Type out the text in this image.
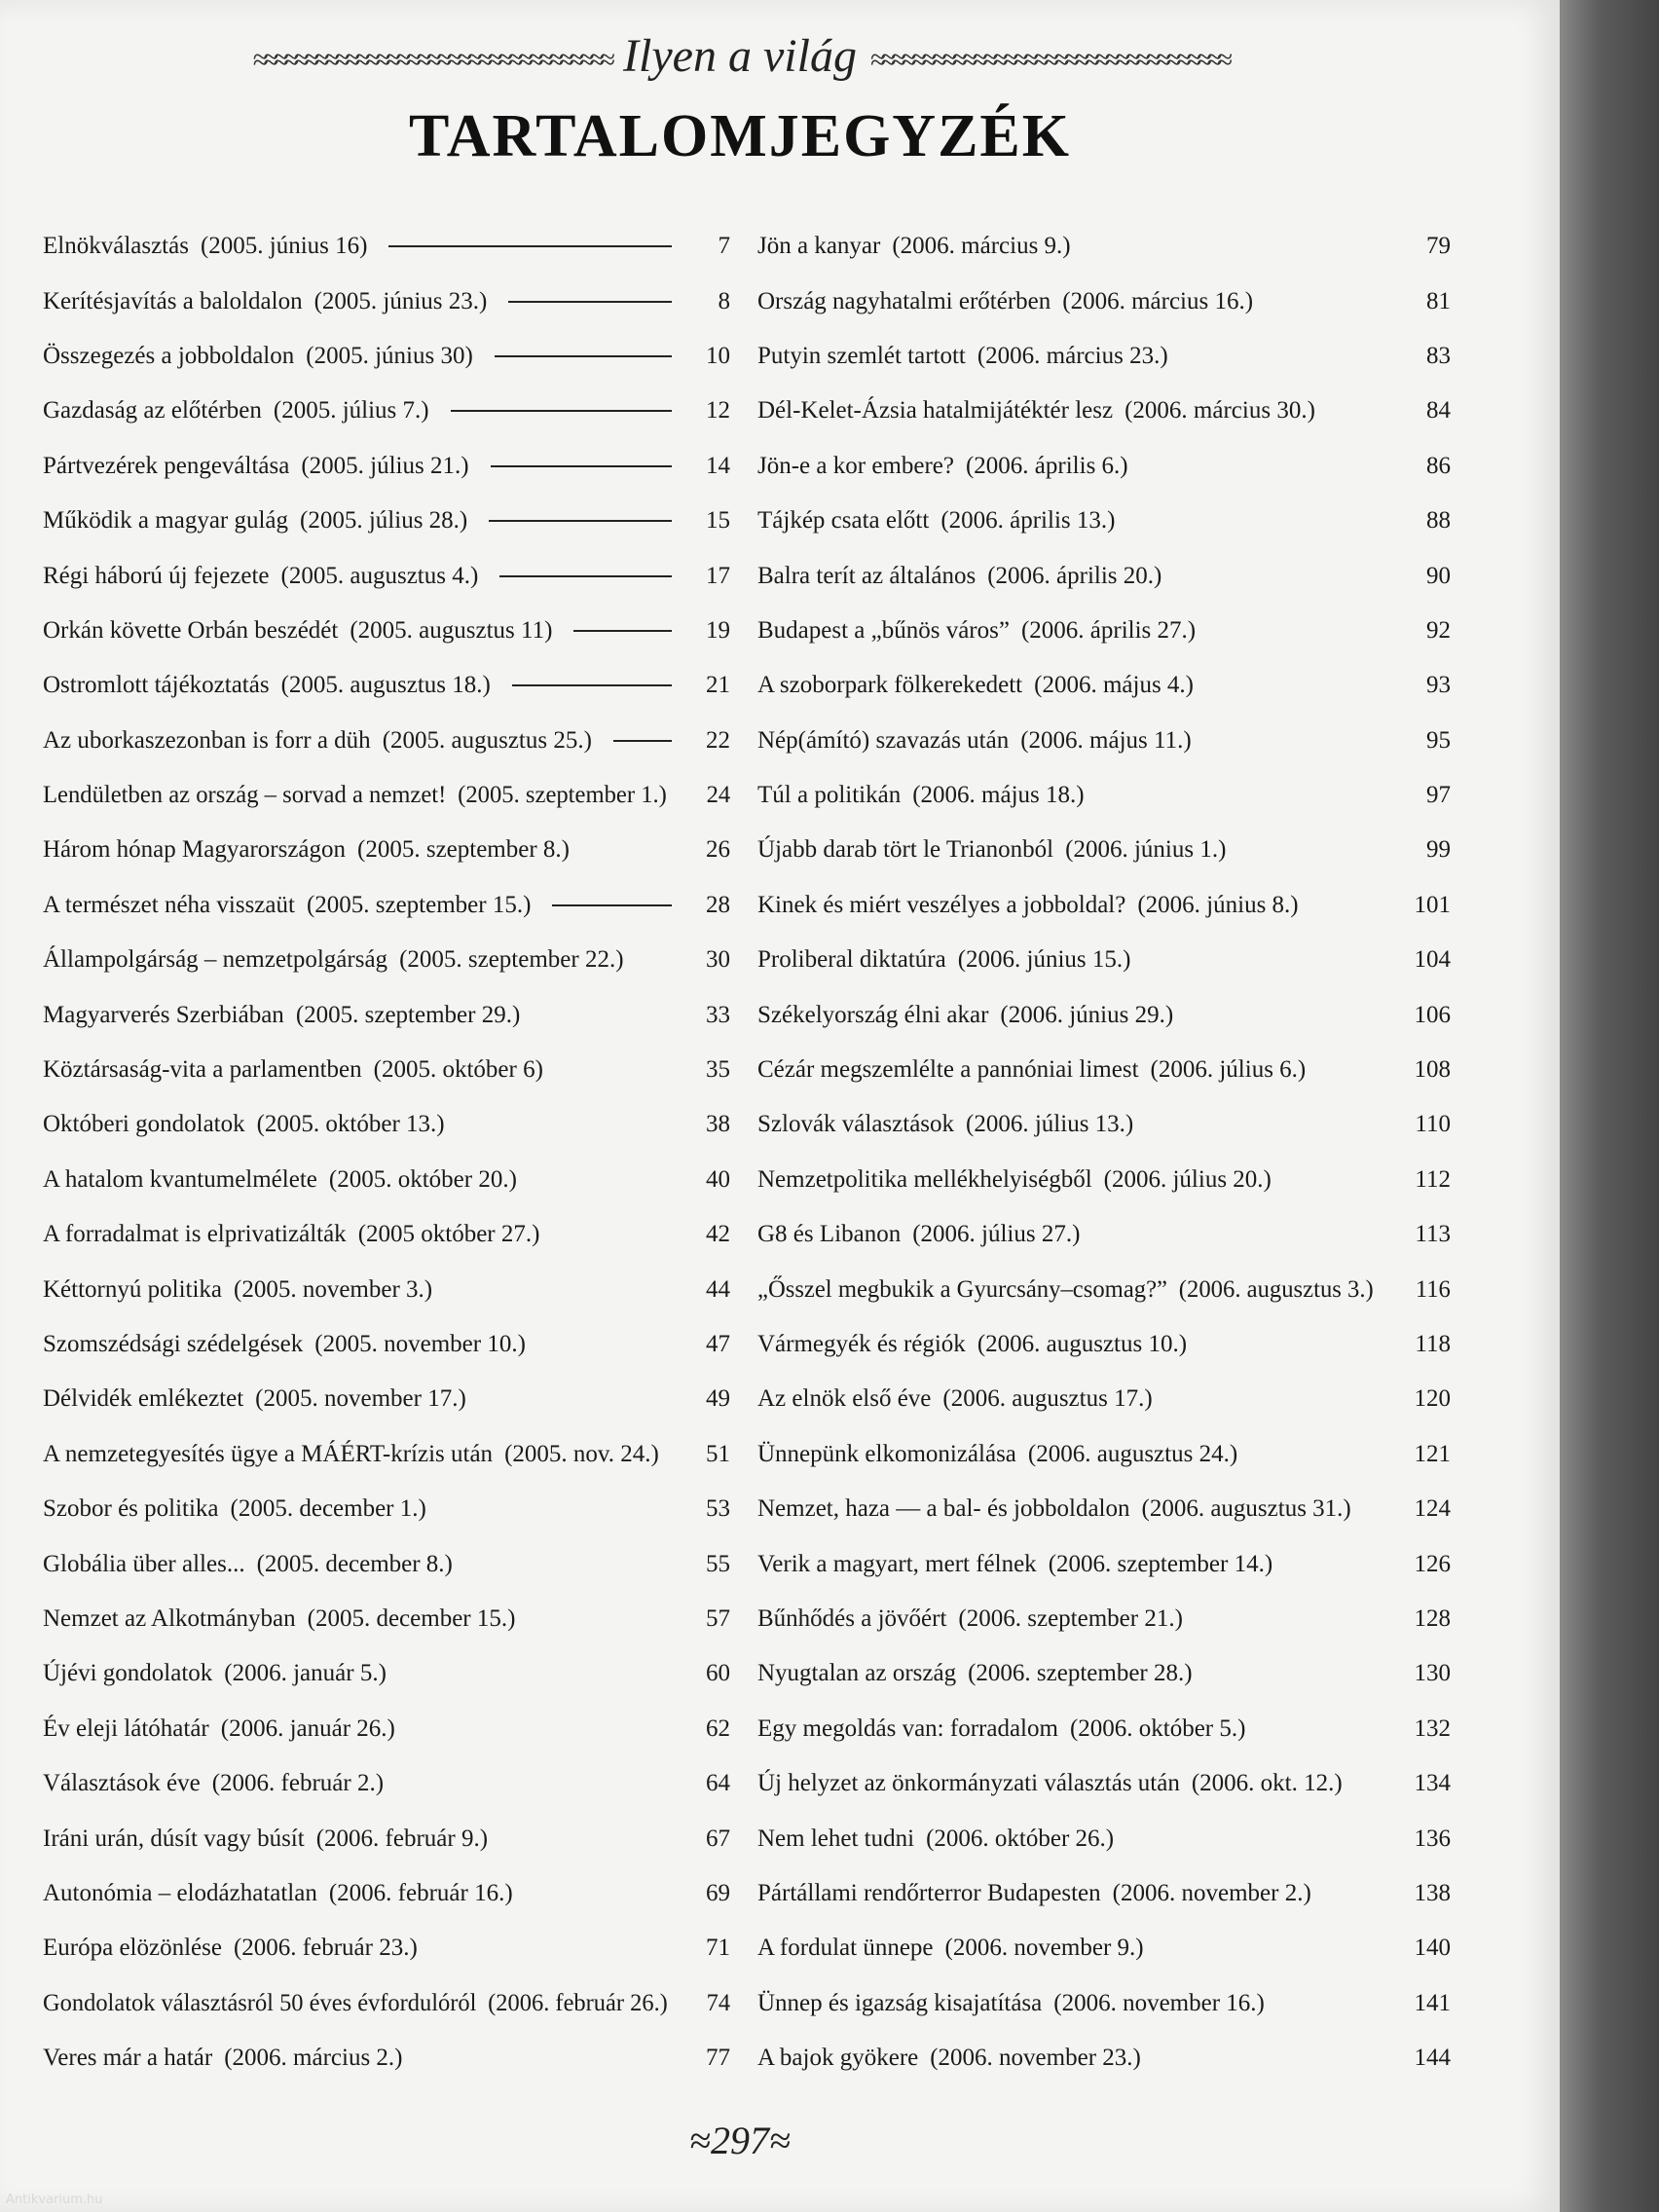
≈≈≈≈≈≈≈≈≈≈≈≈≈≈≈≈≈≈≈≈≈≈≈≈≈≈≈≈≈≈≈≈≈≈≈ Ilyen a világ ≈≈≈≈≈≈≈≈≈≈≈≈≈≈≈≈≈≈≈≈≈≈≈≈≈≈≈≈≈≈≈≈≈≈≈
TARTALOMJEGYZÉK
Elnökválasztás (2005. június 16)	7
Kerítésjavítás a baloldalon (2005. június 23.)	8
Összegezés a jobboldalon (2005. június 30)	10
Gazdaság az előtérben (2005. július 7.)	12
Pártvezérek pengeváltása (2005. július 21.)	14
Működik a magyar gulág (2005. július 28.)	15
Régi háború új fejezete (2005. augusztus 4.)	17
Orkán követte Orbán beszédét (2005. augusztus 11)	19
Ostromlott tájékoztatás (2005. augusztus 18.)	21
Az uborkaszezonban is forr a düh (2005. augusztus 25.)	22
Lendületben az ország – sorvad a nemzet! (2005. szeptember 1.)	24
Három hónap Magyarországon (2005. szeptember 8.)	26
A természet néha visszaüt (2005. szeptember 15.)	28
Állampolgárság – nemzetpolgárság (2005. szeptember 22.)	30
Magyarverés Szerbiában (2005. szeptember 29.)	33
Köztársaság-vita a parlamentben (2005. október 6)	35
Októberi gondolatok (2005. október 13.)	38
A hatalom kvantumelmélete (2005. október 20.)	40
A forradalmat is elprivatizálták (2005 október 27.)	42
Kéttornyú politika (2005. november 3.)	44
Szomszédsági szédelgések (2005. november 10.)	47
Délvidék emlékeztet (2005. november 17.)	49
A nemzetegyesítés ügye a MÁÉRT-krízis után (2005. nov. 24.)	51
Szobor és politika (2005. december 1.)	53
Globália über alles... (2005. december 8.)	55
Nemzet az Alkotmányban (2005. december 15.)	57
Újévi gondolatok (2006. január 5.)	60
Év eleji látóhatár (2006. január 26.)	62
Választások éve (2006. február 2.)	64
Iráni urán, dúsít vagy búsít (2006. február 9.)	67
Autonómia – elodázhatatlan (2006. február 16.)	69
Európa elözönlése (2006. február 23.)	71
Gondolatok választásról 50 éves évfordulóról (2006. február 26.)	74
Veres már a határ (2006. március 2.)	77
Jön a kanyar (2006. március 9.)	79
Ország nagyhatalmi erőtérben (2006. március 16.)	81
Putyin szemlét tartott (2006. március 23.)	83
Dél-Kelet-Ázsia hatalmijátéktér lesz (2006. március 30.)	84
Jön-e a kor embere? (2006. április 6.)	86
Tájkép csata előtt (2006. április 13.)	88
Balra terít az általános (2006. április 20.)	90
Budapest a „bűnös város” (2006. április 27.)	92
A szoborpark fölkerekedett (2006. május 4.)	93
Nép(ámító) szavazás után (2006. május 11.)	95
Túl a politikán (2006. május 18.)	97
Újabb darab tört le Trianonból (2006. június 1.)	99
Kinek és miért veszélyes a jobboldal? (2006. június 8.)	101
Proliberal diktatúra (2006. június 15.)	104
Székelyország élni akar (2006. június 29.)	106
Cézár megszemlélte a pannóniai limest (2006. július 6.)	108
Szlovák választások (2006. július 13.)	110
Nemzetpolitika mellékhelyiségből (2006. július 20.)	112
G8 és Libanon (2006. július 27.)	113
„Ősszel megbukik a Gyurcsány–csomag?” (2006. augusztus 3.)	116
Vármegyék és régiók (2006. augusztus 10.)	118
Az elnök első éve (2006. augusztus 17.)	120
Ünnepünk elkomonizálása (2006. augusztus 24.)	121
Nemzet, haza — a bal- és jobboldalon (2006. augusztus 31.)	124
Verik a magyart, mert félnek (2006. szeptember 14.)	126
Bűnhődés a jövőért (2006. szeptember 21.)	128
Nyugtalan az ország (2006. szeptember 28.)	130
Egy megoldás van: forradalom (2006. október 5.)	132
Új helyzet az önkormányzati választás után (2006. okt. 12.)	134
Nem lehet tudni (2006. október 26.)	136
Pártállami rendőrterror Budapesten (2006. november 2.)	138
A fordulat ünnepe (2006. november 9.)	140
Ünnep és igazság kisajatítása (2006. november 16.)	141
A bajok gyökere (2006. november 23.)	144
≈297≈
Antikvarium.hu
